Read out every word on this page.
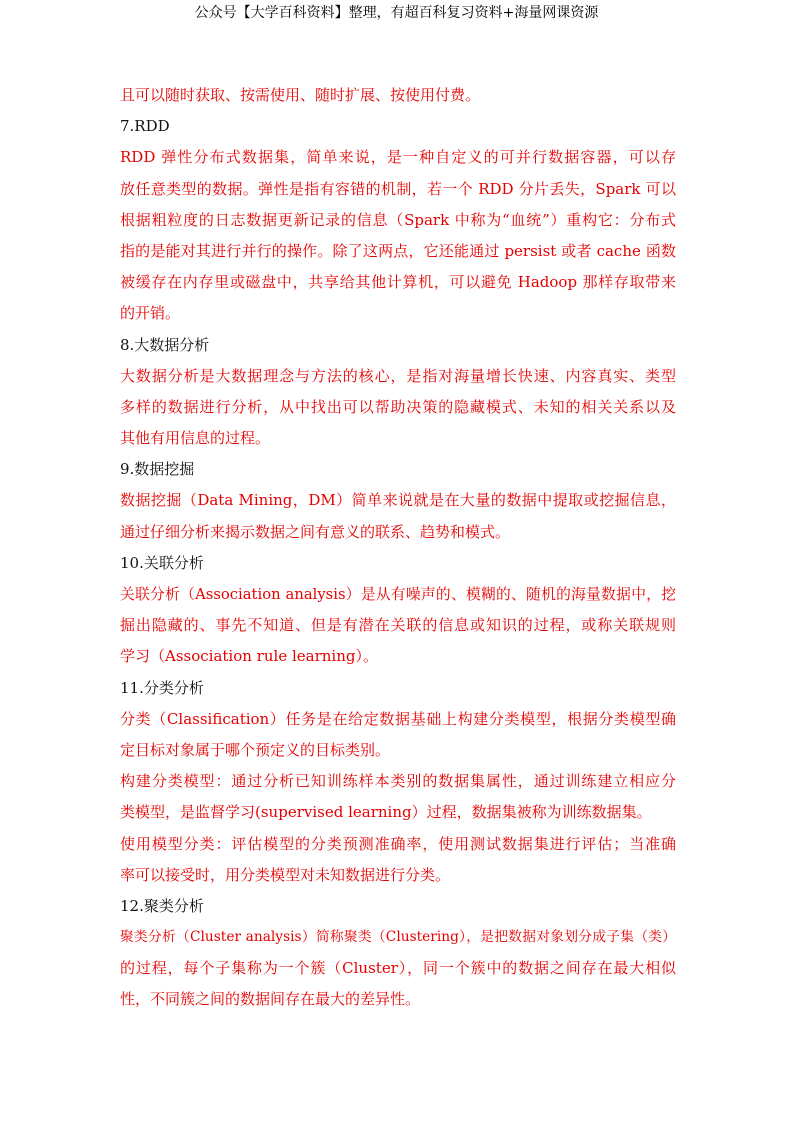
公众号【大学百科资料】整理，有超百科复习资料+海量网课资源
且可以随时获取、按需使用、随时扩展、按使用付费。
7.RDD
RDD 弹性分布式数据集，简单来说，是一种自定义的可并行数据容器，可以存
放任意类型的数据。弹性是指有容错的机制，若一个 RDD 分片丢失，Spark 可以
根据粗粒度的日志数据更新记录的信息（Spark 中称为“血统”）重构它：分布式
指的是能对其进行并行的操作。除了这两点，它还能通过 persist 或者 cache 函数
被缓存在内存里或磁盘中，共享给其他计算机，可以避免 Hadoop 那样存取带来
的开销。
8.大数据分析
大数据分析是大数据理念与方法的核心，是指对海量增长快速、内容真实、类型
多样的数据进行分析，从中找出可以帮助决策的隐藏模式、未知的相关关系以及
其他有用信息的过程。
9.数据挖掘
数据挖掘（Data Mining，DM）简单来说就是在大量的数据中提取或挖掘信息，
通过仔细分析来揭示数据之间有意义的联系、趋势和模式。
10.关联分析
关联分析（Association analysis）是从有噪声的、模糊的、随机的海量数据中，挖
掘出隐藏的、事先不知道、但是有潜在关联的信息或知识的过程，或称关联规则
学习（Association rule learning）。
11.分类分析
分类（Classification）任务是在给定数据基础上构建分类模型，根据分类模型确
定目标对象属于哪个预定义的目标类别。
构建分类模型：通过分析已知训练样本类别的数据集属性，通过训练建立相应分
类模型，是监督学习(supervised learning）过程，数据集被称为训练数据集。
使用模型分类：评估模型的分类预测准确率，使用测试数据集进行评估；当准确
率可以接受时，用分类模型对未知数据进行分类。
12.聚类分析
聚类分析（Cluster analysis）简称聚类（Clustering），是把数据对象划分成子集（类）
的过程，每个子集称为一个簇（Cluster），同一个簇中的数据之间存在最大相似
性，不同簇之间的数据间存在最大的差异性。
